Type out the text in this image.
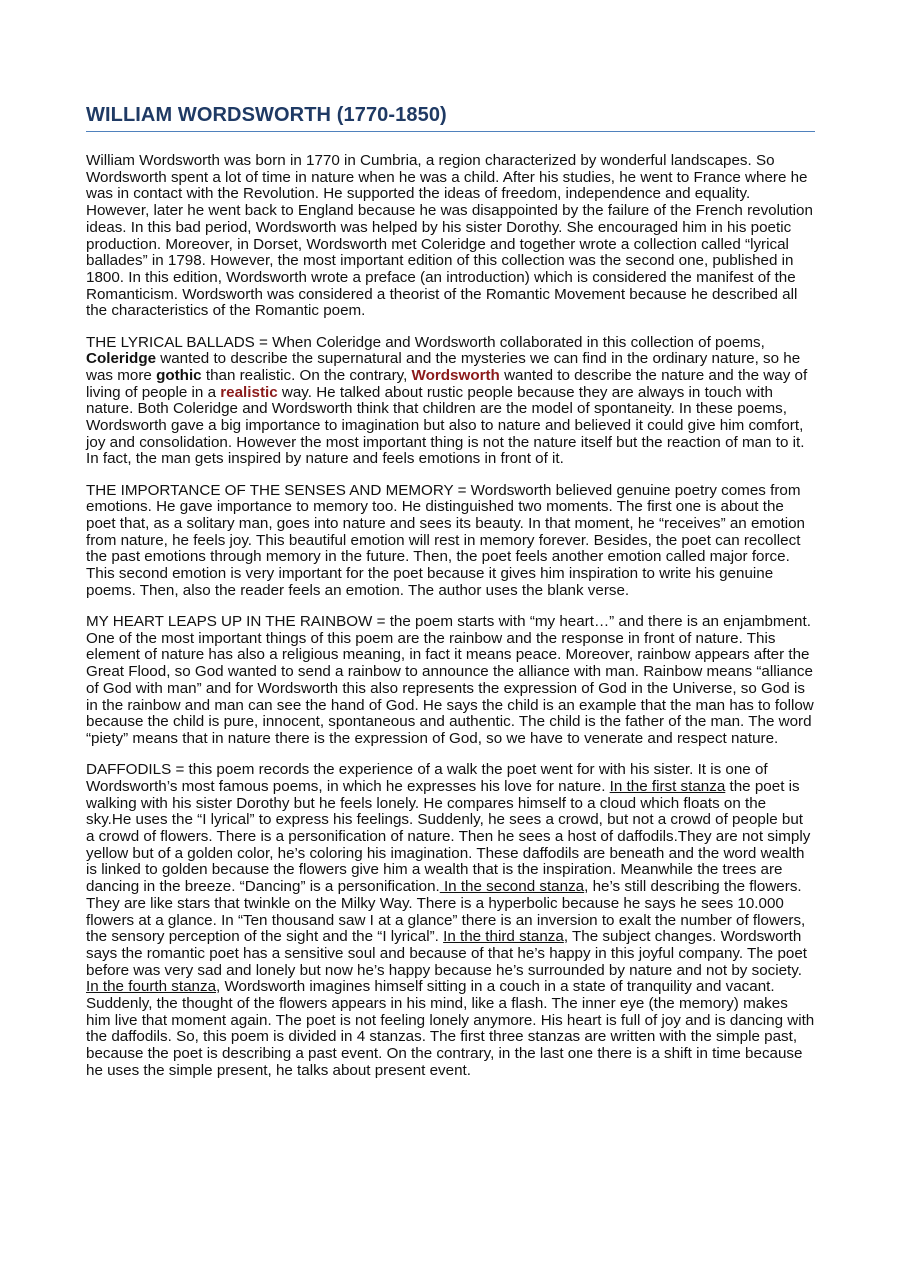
WILLIAM WORDSWORTH (1770-1850)

William Wordsworth was born in 1770 in Cumbria, a region characterized by wonderful landscapes. So Wordsworth spent a lot of time in nature when he was a child. After his studies, he went to France where he was in contact with the Revolution. He supported the ideas of freedom, independence and equality. However, later he went back to England because he was disappointed by the failure of the French revolution ideas. In this bad period, Wordsworth was helped by his sister Dorothy. She encouraged him in his poetic production. Moreover, in Dorset, Wordsworth met Coleridge and together wrote a collection called “lyrical ballades” in 1798. However, the most important edition of this collection was the second one, published in 1800. In this edition, Wordsworth wrote a preface (an introduction) which is considered the manifest of the Romanticism. Wordsworth was considered a theorist of the Romantic Movement because he described all the characteristics of the Romantic poem.

THE LYRICAL BALLADS = When Coleridge and Wordsworth collaborated in this collection of poems, Coleridge wanted to describe the supernatural and the mysteries we can find in the ordinary nature, so he was more gothic than realistic. On the contrary, Wordsworth wanted to describe the nature and the way of living of people in a realistic way. He talked about rustic people because they are always in touch with nature. Both Coleridge and Wordsworth think that children are the model of spontaneity. In these poems, Wordsworth gave a big importance to imagination but also to nature and believed it could give him comfort, joy and consolidation. However the most important thing is not the nature itself but the reaction of man to it. In fact, the man gets inspired by nature and feels emotions in front of it.

THE IMPORTANCE OF THE SENSES AND MEMORY = Wordsworth believed genuine poetry comes from emotions. He gave importance to memory too. He distinguished two moments. The first one is about the poet that, as a solitary man, goes into nature and sees its beauty. In that moment, he “receives” an emotion from nature, he feels joy. This beautiful emotion will rest in memory forever. Besides, the poet can recollect the past emotions through memory in the future. Then, the poet feels another emotion called major force. This second emotion is very important for the poet because it gives him inspiration to write his genuine poems. Then, also the reader feels an emotion. The author uses the blank verse.

MY HEART LEAPS UP IN THE RAINBOW = the poem starts with “my heart…” and there is an enjambment. One of the most important things of this poem are the rainbow and the response in front of nature. This element of nature has also a religious meaning, in fact it means peace. Moreover, rainbow appears after the Great Flood, so God wanted to send a rainbow to announce the alliance with man. Rainbow means “alliance of God with man” and for Wordsworth this also represents the expression of God in the Universe, so God is in the rainbow and man can see the hand of God. He says the child is an example that the man has to follow because the child is pure, innocent, spontaneous and authentic. The child is the father of the man. The word “piety” means that in nature there is the expression of God, so we have to venerate and respect nature.

DAFFODILS = this poem records the experience of a walk the poet went for with his sister. It is one of Wordsworth’s most famous poems, in which he expresses his love for nature. In the first stanza the poet is walking with his sister Dorothy but he feels lonely. He compares himself to a cloud which floats on the sky.He uses the “I lyrical” to express his feelings. Suddenly, he sees a crowd, but not a crowd of people but a crowd of flowers. There is a personification of nature. Then he sees a host of daffodils.They are not simply yellow but of a golden color, he’s coloring his imagination. These daffodils are beneath and the word wealth is linked to golden because the flowers give him a wealth that is the inspiration. Meanwhile the trees are dancing in the breeze. “Dancing” is a personification. In the second stanza, he’s still describing the flowers. They are like stars that twinkle on the Milky Way. There is a hyperbolic because he says he sees 10.000 flowers at a glance. In “Ten thousand saw I at a glance” there is an inversion to exalt the number of flowers, the sensory perception of the sight and the “I lyrical”. In the third stanza, The subject changes. Wordsworth says the romantic poet has a sensitive soul and because of that he’s happy in this joyful company. The poet before was very sad and lonely but now he’s happy because he’s surrounded by nature and not by society. In the fourth stanza, Wordsworth imagines himself sitting in a couch in a state of tranquility and vacant. Suddenly, the thought of the flowers appears in his mind, like a flash. The inner eye (the memory) makes him live that moment again. The poet is not feeling lonely anymore. His heart is full of joy and is dancing with the daffodils. So, this poem is divided in 4 stanzas. The first three stanzas are written with the simple past, because the poet is describing a past event. On the contrary, in the last one there is a shift in time because he uses the simple present, he talks about present event.
